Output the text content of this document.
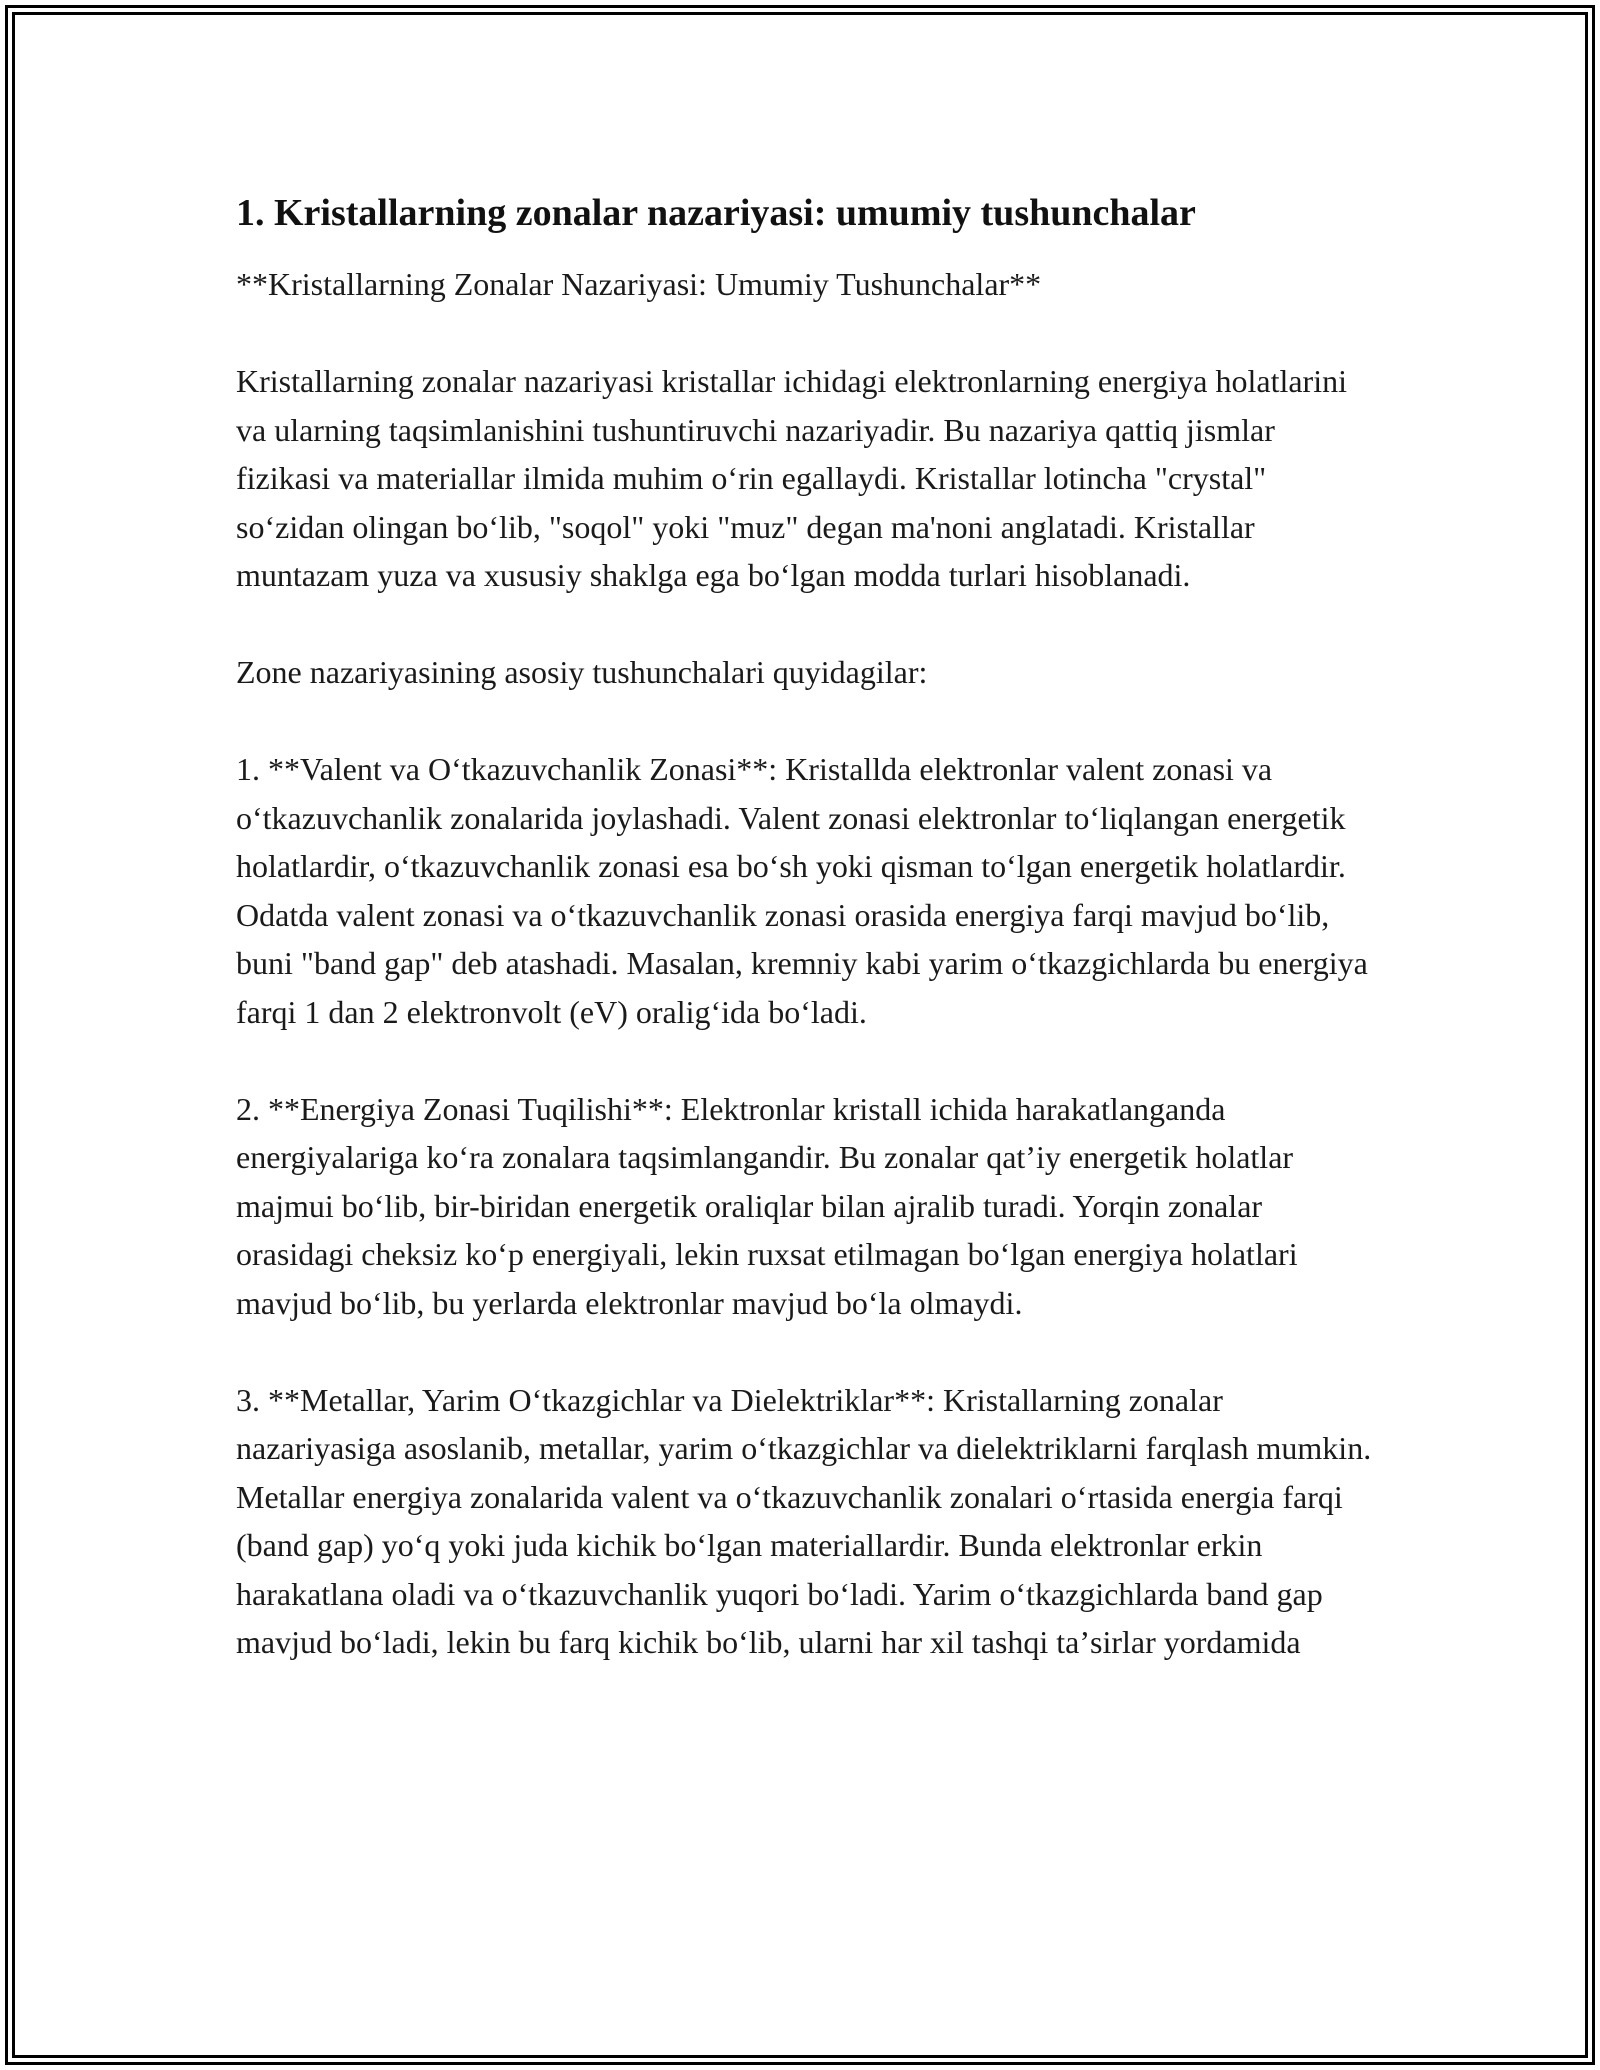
1. Kristallarning zonalar nazariyasi: umumiy tushunchalar

**Kristallarning Zonalar Nazariyasi: Umumiy Tushunchalar**

Kristallarning zonalar nazariyasi kristallar ichidagi elektronlarning energiya holatlarini va ularning taqsimlanishini tushuntiruvchi nazariyadir. Bu nazariya qattiq jismlar fizikasi va materiallar ilmida muhim oʻrin egallaydi. Kristallar lotincha "crystal" soʻzidan olingan boʻlib, "soqol" yoki "muz" degan ma'noni anglatadi. Kristallar muntazam yuza va xususiy shaklga ega boʻlgan modda turlari hisoblanadi.

Zone nazariyasining asosiy tushunchalari quyidagilar:

1. **Valent va Oʻtkazuvchanlik Zonasi**: Kristallda elektronlar valent zonasi va oʻtkazuvchanlik zonalarida joylashadi. Valent zonasi elektronlar toʻliqlangan energetik holatlardir, oʻtkazuvchanlik zonasi esa boʻsh yoki qisman toʻlgan energetik holatlardir. Odatda valent zonasi va oʻtkazuvchanlik zonasi orasida energiya farqi mavjud boʻlib, buni "band gap" deb atashadi. Masalan, kremniy kabi yarim oʻtkazgichlarda bu energiya farqi 1 dan 2 elektronvolt (eV) oraligʻida boʻladi.

2. **Energiya Zonasi Tuqilishi**: Elektronlar kristall ichida harakatlanganda energiyalariga koʻra zonalara taqsimlangandir. Bu zonalar qatʼiy energetik holatlar majmui boʻlib, bir-biridan energetik oraliqlar bilan ajralib turadi. Yorqin zonalar orasidagi cheksiz koʻp energiyali, lekin ruxsat etilmagan boʻlgan energiya holatlari mavjud boʻlib, bu yerlarda elektronlar mavjud boʻla olmaydi.

3. **Metallar, Yarim Oʻtkazgichlar va Dielektriklar**: Kristallarning zonalar nazariyasiga asoslanib, metallar, yarim oʻtkazgichlar va dielektriklarni farqlash mumkin. Metallar energiya zonalarida valent va oʻtkazuvchanlik zonalari oʻrtasida energia farqi (band gap) yoʻq yoki juda kichik boʻlgan materiallardir. Bunda elektronlar erkin harakatlana oladi va oʻtkazuvchanlik yuqori boʻladi. Yarim oʻtkazgichlarda band gap mavjud boʻladi, lekin bu farq kichik boʻlib, ularni har xil tashqi taʼsirlar yordamida
